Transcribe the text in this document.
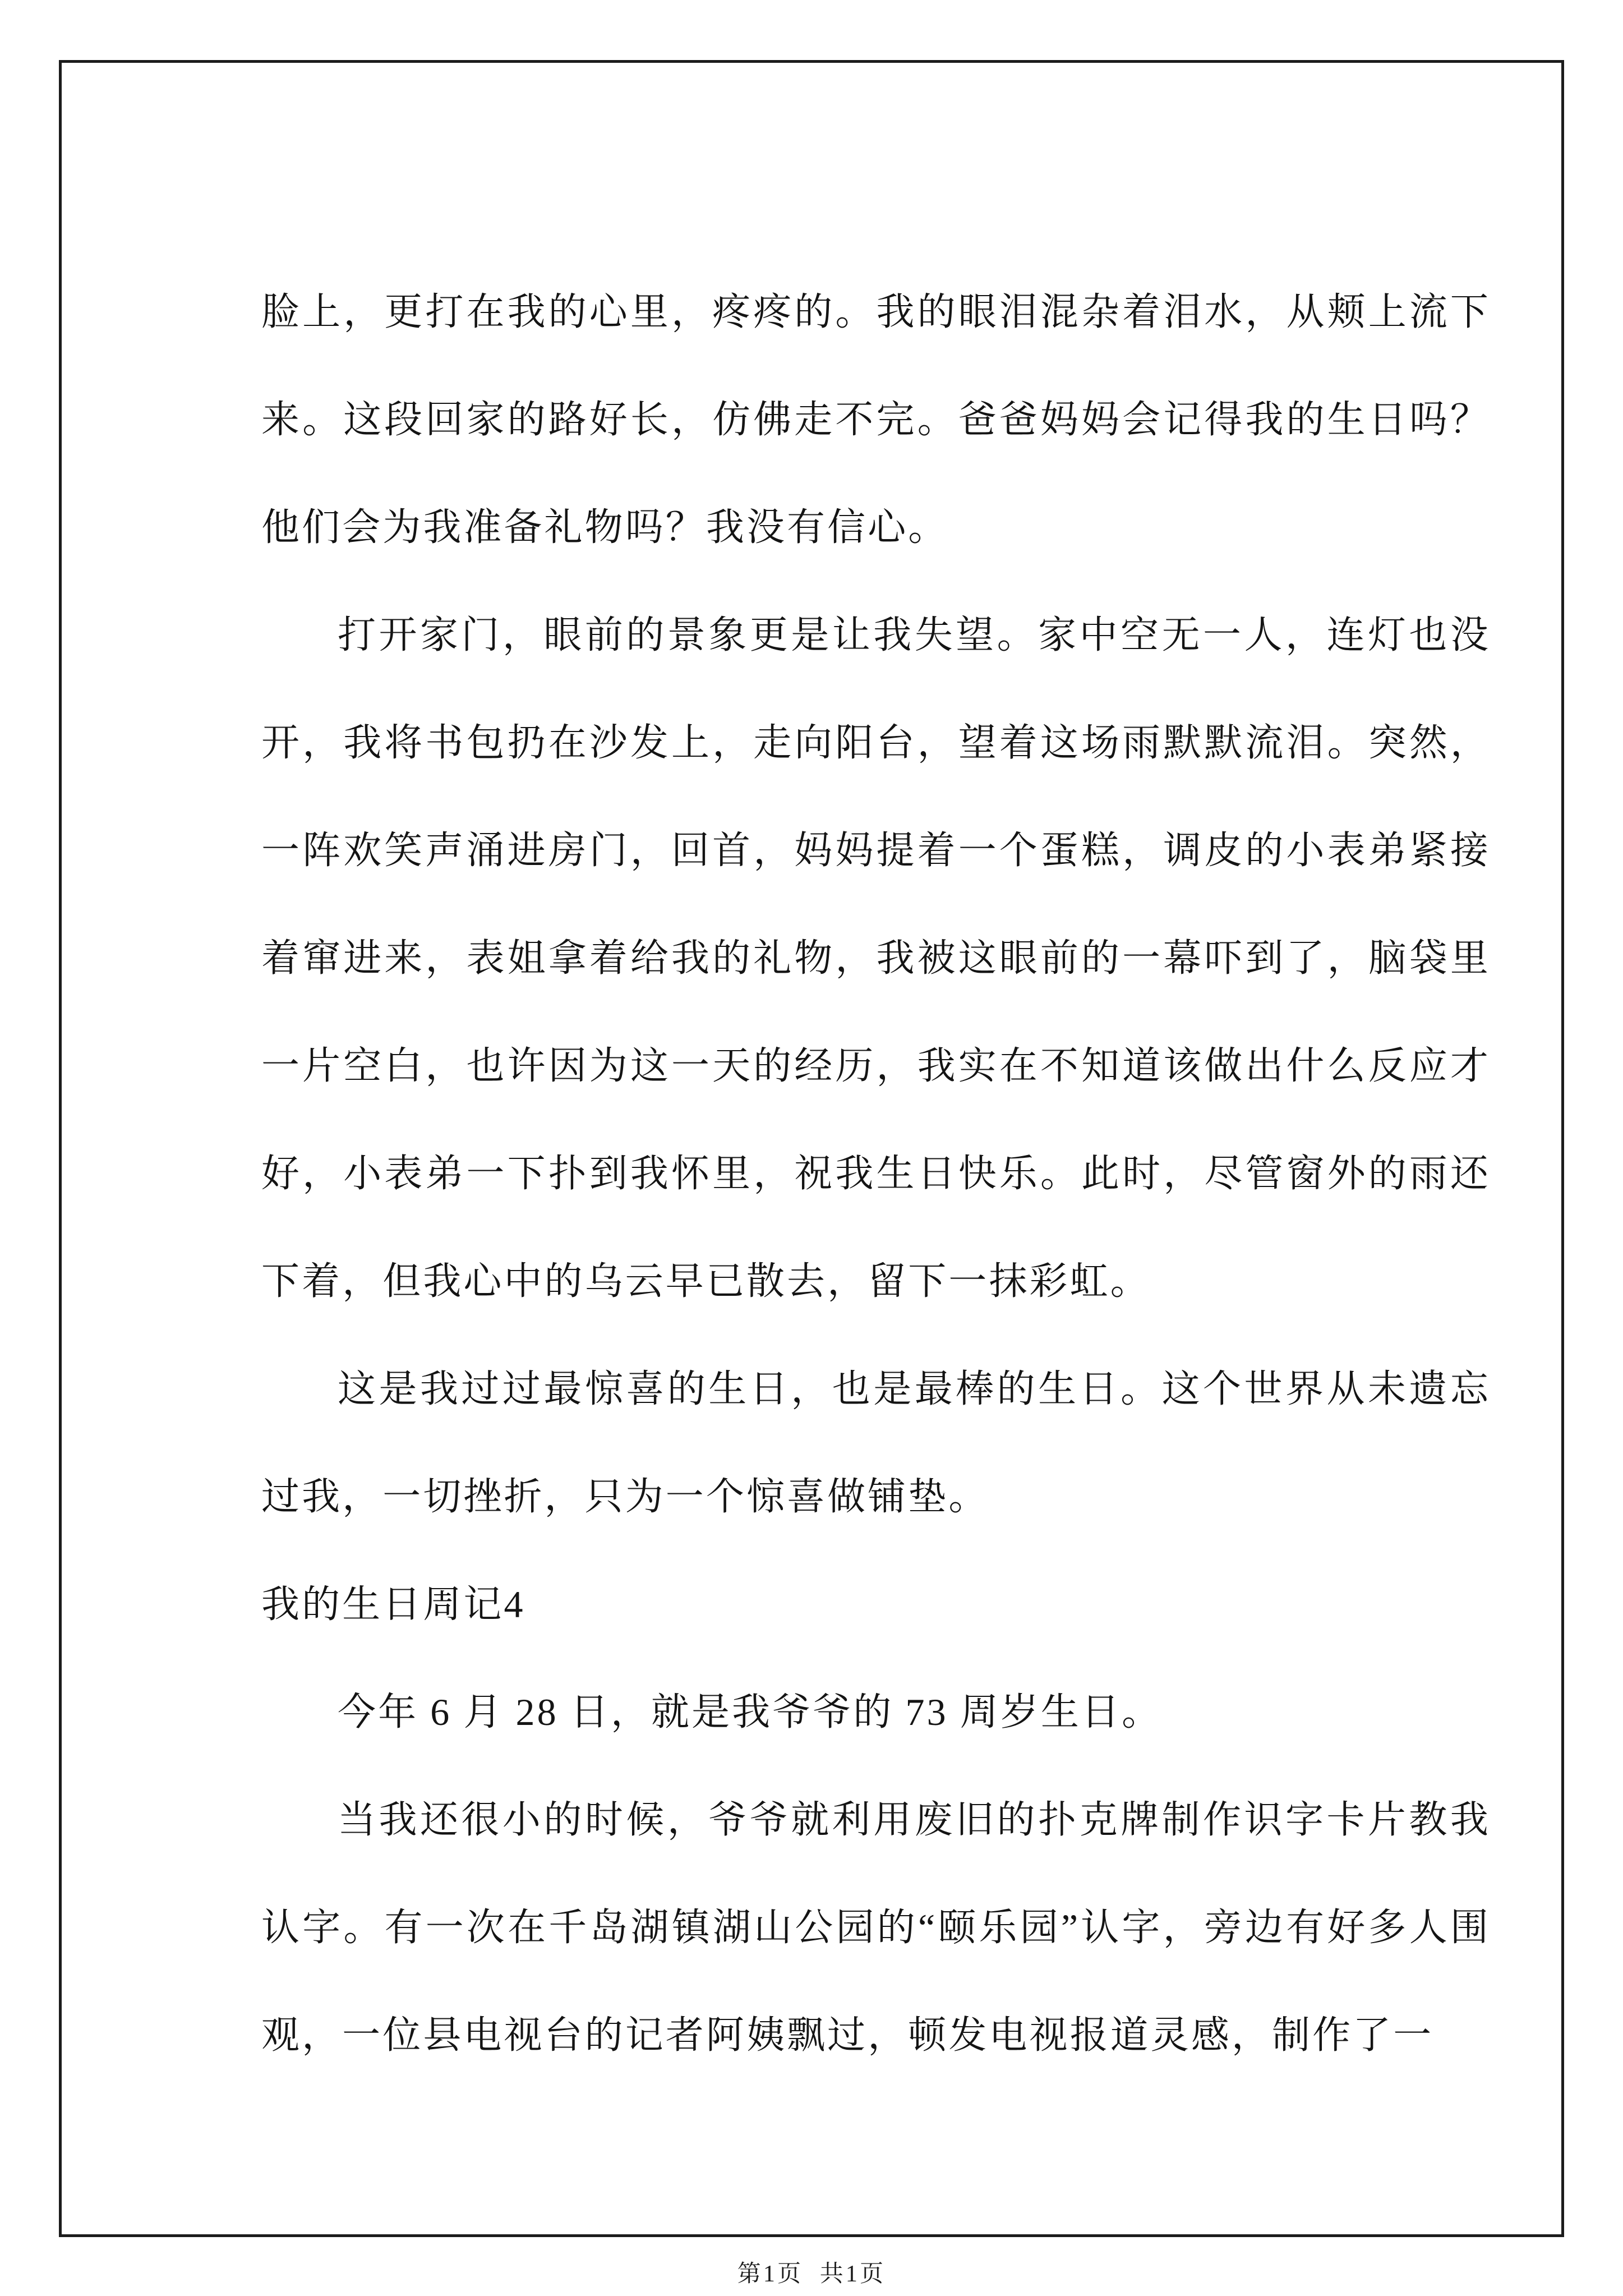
脸上，更打在我的心里，疼疼的。我的眼泪混杂着泪水，从颊上流下来。这段回家的路好长，仿佛走不完。爸爸妈妈会记得我的生日吗？他们会为我准备礼物吗？我没有信心。

打开家门，眼前的景象更是让我失望。家中空无一人，连灯也没开，我将书包扔在沙发上，走向阳台，望着这场雨默默流泪。突然，一阵欢笑声涌进房门，回首，妈妈提着一个蛋糕，调皮的小表弟紧接着窜进来，表姐拿着给我的礼物，我被这眼前的一幕吓到了，脑袋里一片空白，也许因为这一天的经历，我实在不知道该做出什么反应才好，小表弟一下扑到我怀里，祝我生日快乐。此时，尽管窗外的雨还下着，但我心中的乌云早已散去，留下一抹彩虹。

这是我过过最惊喜的生日，也是最棒的生日。这个世界从未遗忘过我，一切挫折，只为一个惊喜做铺垫。

我的生日周记4

今年 6 月 28 日，就是我爷爷的 73 周岁生日。

当我还很小的时候，爷爷就利用废旧的扑克牌制作识字卡片教我认字。有一次在千岛湖镇湖山公园的“颐乐园”认字，旁边有好多人围观，一位县电视台的记者阿姨飘过，顿发电视报道灵感，制作了一

第1页  共1页
